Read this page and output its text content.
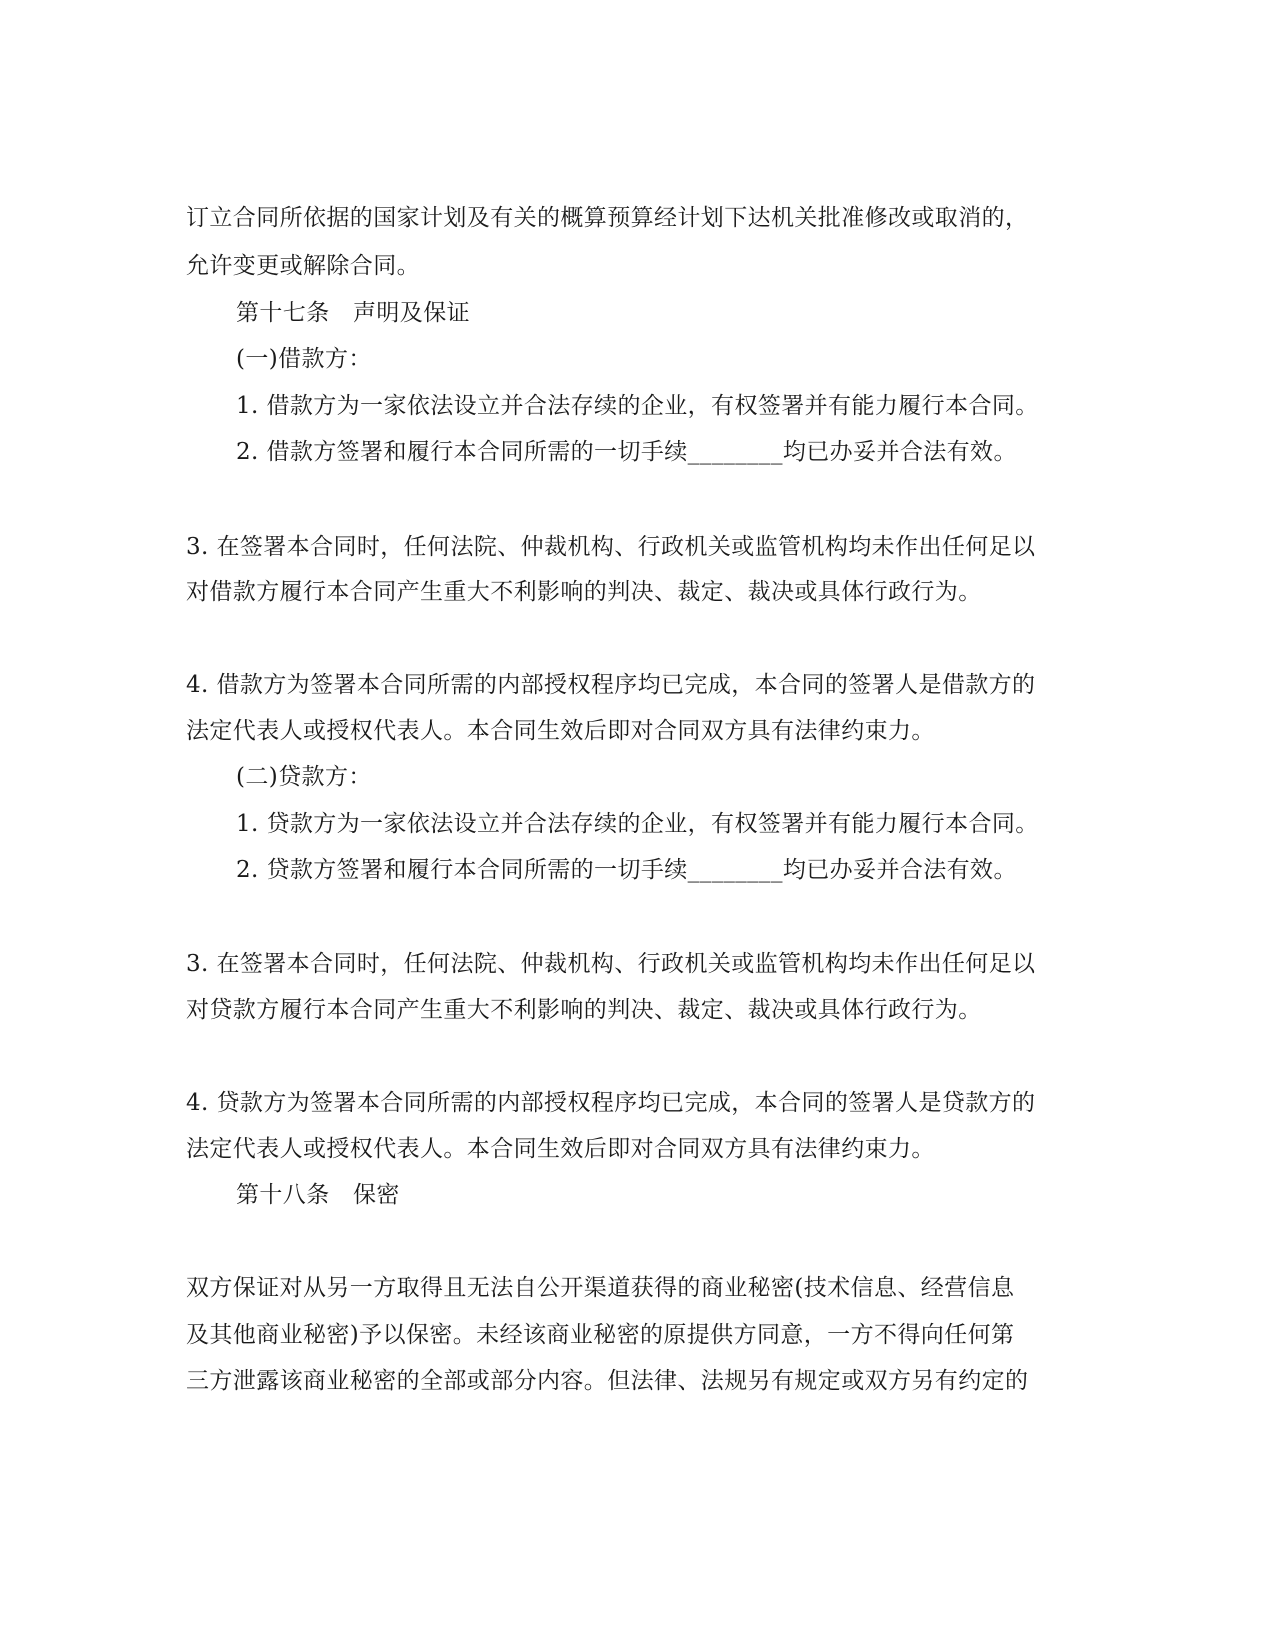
订立合同所依据的国家计划及有关的概算预算经计划下达机关批准修改或取消的，
允许变更或解除合同。
第十七条　声明及保证
(一)借款方：
1. 借款方为一家依法设立并合法存续的企业，有权签署并有能力履行本合同。
2. 借款方签署和履行本合同所需的一切手续________均已办妥并合法有效。
3. 在签署本合同时，任何法院、仲裁机构、行政机关或监管机构均未作出任何足以
对借款方履行本合同产生重大不利影响的判决、裁定、裁决或具体行政行为。
4. 借款方为签署本合同所需的内部授权程序均已完成，本合同的签署人是借款方的
法定代表人或授权代表人。本合同生效后即对合同双方具有法律约束力。
(二)贷款方：
1. 贷款方为一家依法设立并合法存续的企业，有权签署并有能力履行本合同。
2. 贷款方签署和履行本合同所需的一切手续________均已办妥并合法有效。
3. 在签署本合同时，任何法院、仲裁机构、行政机关或监管机构均未作出任何足以
对贷款方履行本合同产生重大不利影响的判决、裁定、裁决或具体行政行为。
4. 贷款方为签署本合同所需的内部授权程序均已完成，本合同的签署人是贷款方的
法定代表人或授权代表人。本合同生效后即对合同双方具有法律约束力。
第十八条　保密
双方保证对从另一方取得且无法自公开渠道获得的商业秘密(技术信息、经营信息
及其他商业秘密)予以保密。未经该商业秘密的原提供方同意，一方不得向任何第
三方泄露该商业秘密的全部或部分内容。但法律、法规另有规定或双方另有约定的
